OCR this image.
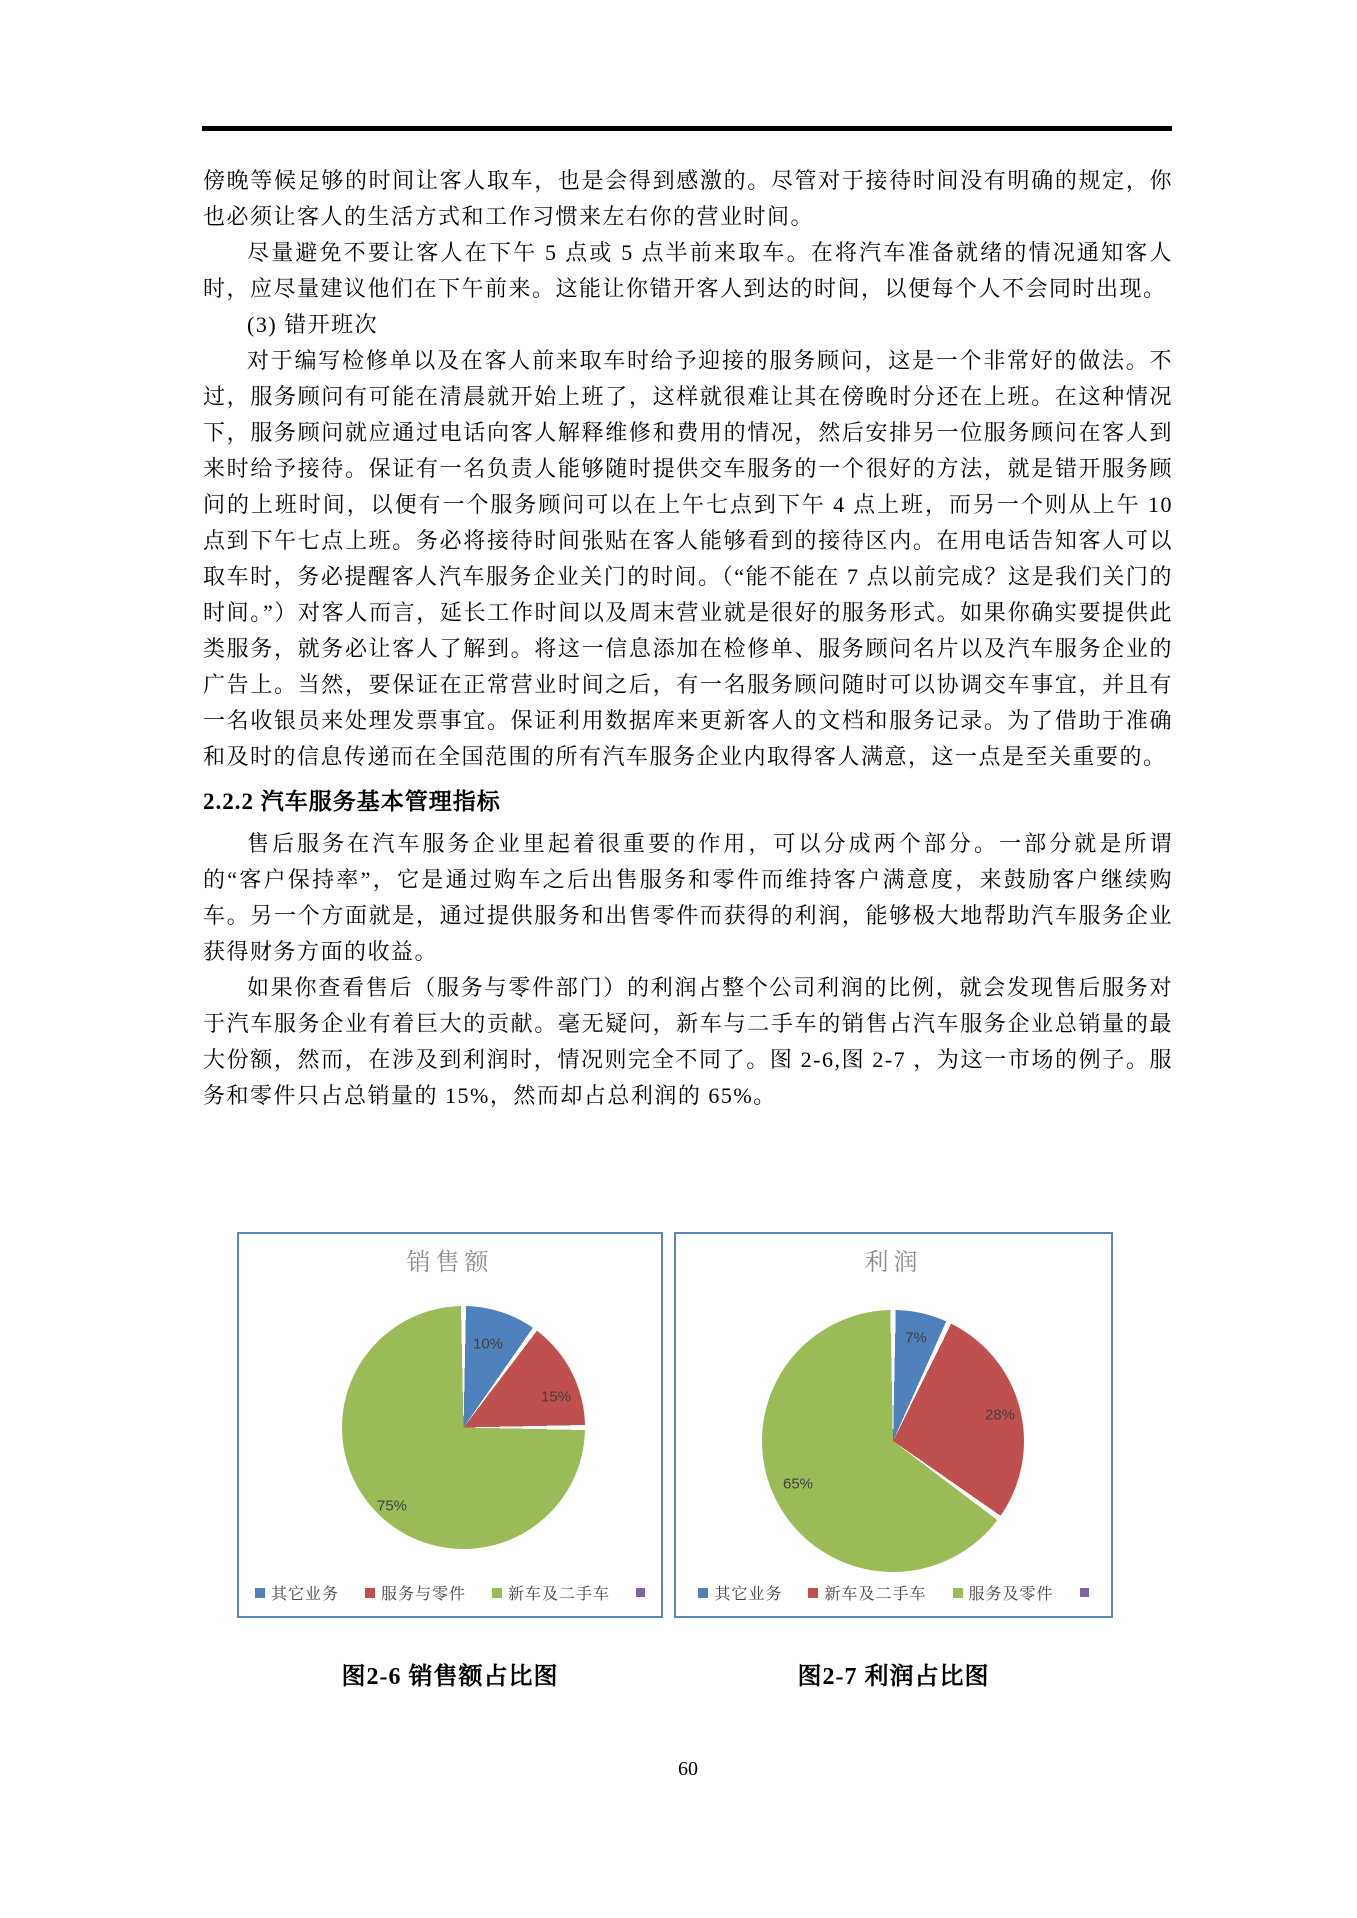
傍晚等候足够的时间让客人取车，也是会得到感激的。尽管对于接待时间没有明确的规定，你也必须让客人的生活方式和工作习惯来左右你的营业时间。

尽量避免不要让客人在下午 5 点或 5 点半前来取车。在将汽车准备就绪的情况通知客人时，应尽量建议他们在下午前来。这能让你错开客人到达的时间，以便每个人不会同时出现。

(3) 错开班次

对于编写检修单以及在客人前来取车时给予迎接的服务顾问，这是一个非常好的做法。不过，服务顾问有可能在清晨就开始上班了，这样就很难让其在傍晚时分还在上班。在这种情况下，服务顾问就应通过电话向客人解释维修和费用的情况，然后安排另一位服务顾问在客人到来时给予接待。保证有一名负责人能够随时提供交车服务的一个很好的方法，就是错开服务顾问的上班时间，以便有一个服务顾问可以在上午七点到下午 4 点上班，而另一个则从上午 10 点到下午七点上班。务必将接待时间张贴在客人能够看到的接待区内。在用电话告知客人可以取车时，务必提醒客人汽车服务企业关门的时间。（“能不能在 7 点以前完成？这是我们关门的时间。”）对客人而言，延长工作时间以及周末营业就是很好的服务形式。如果你确实要提供此类服务，就务必让客人了解到。将这一信息添加在检修单、服务顾问名片以及汽车服务企业的广告上。当然，要保证在正常营业时间之后，有一名服务顾问随时可以协调交车事宜，并且有一名收银员来处理发票事宜。保证利用数据库来更新客人的文档和服务记录。为了借助于准确和及时的信息传递而在全国范围的所有汽车服务企业内取得客人满意，这一点是至关重要的。

2.2.2 汽车服务基本管理指标

售后服务在汽车服务企业里起着很重要的作用，可以分成两个部分。一部分就是所谓的“客户保持率”，它是通过购车之后出售服务和零件而维持客户满意度，来鼓励客户继续购车。另一个方面就是，通过提供服务和出售零件而获得的利润，能够极大地帮助汽车服务企业获得财务方面的收益。

如果你查看售后（服务与零件部门）的利润占整个公司利润的比例，就会发现售后服务对于汽车服务企业有着巨大的贡献。毫无疑问，新车与二手车的销售占汽车服务企业总销量的最大份额，然而，在涉及到利润时，情况则完全不同了。图 2-6,图 2-7 ，为这一市场的例子。服务和零件只占总销量的 15%，然而却占总利润的 65%。

销售额
10%
15%
75%
其它业务	服务与零件	新车及二手车
利润
7%
28%
65%
其它业务	新车及二手车	服务及零件
图2-6 销售额占比图	图2-7 利润占比图
60
